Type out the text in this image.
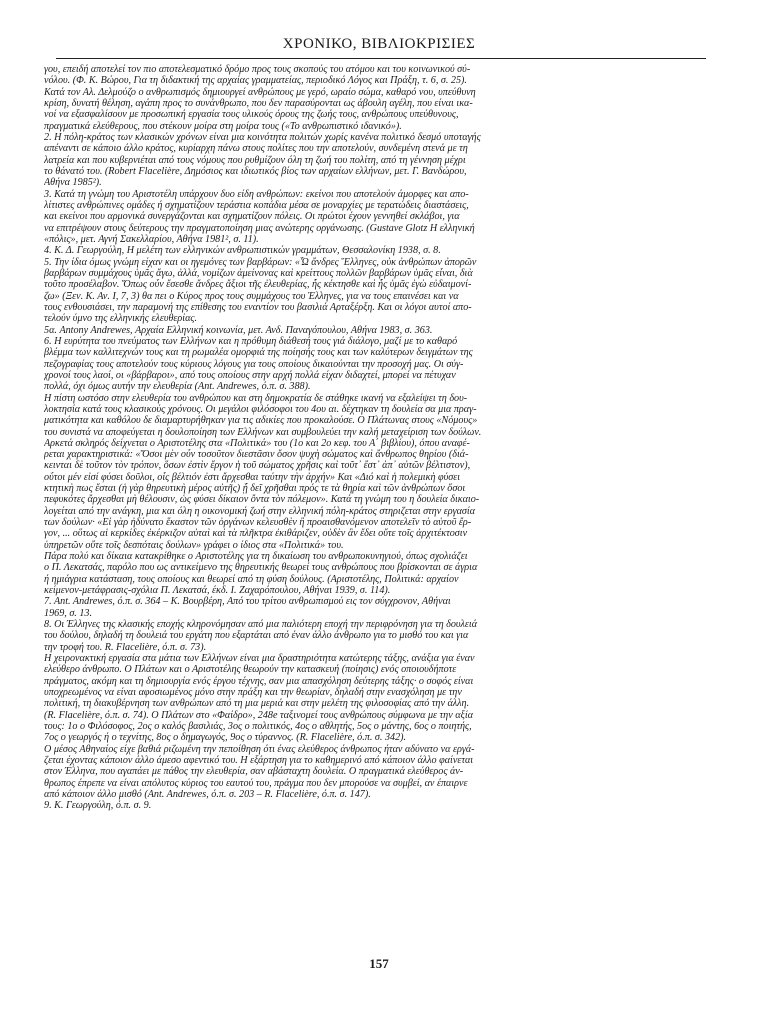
ΧΡΟΝΙΚΟ, ΒΙΒΛΙΟΚΡΙΣΙΕΣ
γου, επειδή αποτελεί τον πιο αποτελεσματικό δρόμο προς τους σκοπούς του ατόμου και του κοινωνικού σύ-
νόλου. (Φ. Κ. Βώρου, Για τη διδακτική της αρχαίας γραμματείας, περιοδικό Λόγος και Πράξη, τ. 6, σ. 25).
Κατά τον Αλ. Δελμούζο ο ανθρωπισμός δημιουργεί ανθρώπους με γερό, ωραίο σώμα, καθαρό νου, υπεύθυνη
κρίση, δυνατή θέληση, αγάπη προς το συνάνθρωπο, που δεν παρασύρονται ως άβουλη αγέλη, που είναι ικα-
νοί να εξασφαλίσουν με προσωπική εργασία τους υλικούς όρους της ζωής τους, ανθρώπους υπεύθυνους,
πραγματικά ελεύθερους, που στέκουν μοίρα στη μοίρα τους («Το ανθρωπιστικό ιδανικό»).
2. Η πόλη-κράτος των κλασικών χρόνων είναι μια κοινότητα πολιτών χωρίς κανένα πολιτικό δεσμό υποταγής
απέναντι σε κάποιο άλλο κράτος, κυρίαρχη πάνω στους πολίτες που την αποτελούν, συνδεμένη στενά με τη
λατρεία και που κυβερνιέται από τους νόμους που ρυθμίζουν όλη τη ζωή του πολίτη, από τη γέννηση μέχρι
το θάνατό του. (Robert Flacelière, Δημόσιος και ιδιωτικός βίος των αρχαίων ελλήνων, μετ. Γ. Βανδώρου,
Αθήνα 1985²).
3. Κατά τη γνώμη του Αριστοτέλη υπάρχουν δυο είδη ανθρώπων: εκείνοι που αποτελούν άμορφες και απο-
λίτιστες ανθρώπινες ομάδες ή σχηματίζουν τεράστια κοπάδια μέσα σε μοναρχίες με τερατώδεις διαστάσεις,
και εκείνοι που αρμονικά συνεργάζονται και σχηματίζουν πόλεις. Οι πρώτοι έχουν γεννηθεί σκλάβοι, για
να επιτρέψουν στους δεύτερους την πραγματοποίηση μιας ανώτερης οργάνωσης. (Gustave Glotz Η ελληνική
«πόλις», μετ. Αγνή Σακελλαρίου, Αθήνα 1981², σ. 11).
4. Κ. Δ. Γεωργούλη, Η μελέτη των ελληνικών ανθρωπιστικών γραμμάτων, Θεσσαλονίκη 1938, σ. 8.
5. Την ίδια όμως γνώμη είχαν και οι ηγεμόνες των βαρβάρων: «Ὦ ἄνδρες Ἕλληνες, οὐκ ἀνθρώπων ἀπορῶν
βαρβάρων συμμάχους ὑμᾶς ἄγω, ἀλλά, νομίζων ἀμείνονας καὶ κρείττους πολλῶν βαρβάρων ὑμᾶς εἶναι, διὰ
τοῦτο προσέλαβον. Ὅπως οὖν ἔσεσθε ἄνδρες ἄξιοι τῆς ἐλευθερίας, ἧς κέκτησθε καὶ ἧς ὑμᾶς ἐγὼ εὐδαιμονί-
ζω» (Ξεν. Κ. Αν. Ι, 7, 3) θα πει ο Κύρος προς τους συμμάχους του Έλληνες, για να τους επαινέσει και να
τους ενθουσιάσει, την παραμονή της επίθεσης του εναντίον του βασιλιά Αρταξέρξη. Και οι λόγοι αυτοί απο-
τελούν ύμνο της ελληνικής ελευθερίας.
5α. Antony Andrewes, Αρχαία Ελληνική κοινωνία, μετ. Ανδ. Παναγόπουλου, Αθήνα 1983, σ. 363.
6. Η ευρύτητα του πνεύματος των Ελλήνων και η πρόθυμη διάθεσή τους γιά διάλογο, μαζί με το καθαρό
βλέμμα των καλλιτεχνών τους και τη ρωμαλέα ομορφιά της ποίησής τους και των καλύτερων δειγμάτων της
πεζογραφίας τους αποτελούν τους κύριους λόγους για τους οποίους δικαιούνται την προσοχή μας. Οι σύγ-
χρονοί τους λαοί, οι «βάρβαροι», από τους οποίους στην αρχή πολλά είχαν διδαχτεί, μπορεί να πέτυχαν
πολλά, όχι όμως αυτήν την ελευθερία (Ant. Andrewes, ό.π. σ. 388).
Η πίστη ωστόσο στην ελευθερία του ανθρώπου και στη δημοκρατία δε στάθηκε ικανή να εξαλείψει τη δου-
λοκτησία κατά τους κλασικούς χρόνους. Οι μεγάλοι φιλόσοφοι του 4ου αι. δέχτηκαν τη δουλεία σα μια πραγ-
ματικότητα και καθόλου δε διαμαρτυρήθηκαν για τις αδικίες που προκαλούσε. Ο Πλάτωνας στους «Νόμους»
του συνιστά να αποφεύγεται η δουλοποίηση των Ελλήνων και συμβουλεύει την καλή μεταχείριση των δούλων.
Αρκετά σκληρός δείχνεται ο Αριστοτέλης στα «Πολιτικά» του (1ο και 2ο κεφ. του Α΄ βιβλίου), όπου αναφέ-
ρεται χαρακτηριστικά: «Ὅσοι μὲν οὖν τοσοῦτον διεστᾶσιν ὅσον ψυχὴ σώματος καὶ ἄνθρωπος θηρίου (διά-
κεινται δὲ τοῦτον τὸν τρόπον, ὅσων ἐστὶν ἔργον ἡ τοῦ σώματος χρῆσις καὶ τοῦτ᾽ ἔστ᾽ ἀπ᾽ αὐτῶν βέλτιστον),
οὗτοι μέν εἰσί φύσει δοῦλοι, οἷς βέλτιόν ἐστι ἄρχεσθαι ταύτην τὴν ἀρχήν» Και «Διό καὶ ἡ πολεμικὴ φύσει
κτητικὴ πως ἔσται (ἡ γὰρ θηρευτικὴ μέρος αὐτῆς) ᾗ δεῖ χρῆσθαι πρός τε τὰ θηρία καὶ τῶν ἀνθρώπων ὅσοι
πεφυκότες ἄρχεσθαι μὴ θέλουσιν, ὡς φύσει δίκαιον ὄντα τὸν πόλεμον». Κατά τη γνώμη του η δουλεία δικαιο-
λογείται από την ανάγκη, μια και όλη η οικονομική ζωή στην ελληνική πόλη-κράτος στηριζεται στην εργασία
των δούλων· «Εἰ γὰρ ἠδύνατο ἕκαστον τῶν ὀργάνων κελευσθὲν ἢ προαισθανόμενον αποτελεῖν τὸ αὑτοῦ ἔρ-
γον, ... οὕτως αἱ κερκίδες ἐκέρκιζον αὐταὶ καὶ τὰ πλῆκτρα ἐκιθάριζεν, οὐδὲν ἂν ἔδει οὔτε τοῖς ἀρχιτέκτοσιν
ὑπηρετῶν οὔτε τοῖς δεσπόταις δούλων» γράφει ο ίδιος στα «Πολιτικά» του.
Πάρα πολύ και δίκαια κατακρίθηκε ο Αριστοτέλης για τη δικαίωση του ανθρωποκυνηγιού, όπως σχολιάζει
ο Π. Λεκατσάς, παρόλο που ως αντικείμενο της θηρευτικής θεωρεί τους ανθρώπους που βρίσκονται σε άγρια
ή ημιάγρια κατάσταση, τους οποίους και θεωρεί από τη φύση δούλους. (Αριστοτέλης, Πολιτικά: αρχαίον
κείμενον-μετάφρασις-σχόλια Π. Λεκατσά, έκδ. Ι. Ζαχαρόπουλου, Αθήναι 1939, σ. 114).
7. Ant. Andrewes, ό.π. σ. 364 – Κ. Βουρβέρη, Από του τρίτου ανθρωπισμού εις τον σύγχρονον, Αθήναι
1969, σ. 13.
8. Οι Έλληνες της κλασικής εποχής κληρονόμησαν από μια παλιότερη εποχή την περιφρόνηση για τη δουλειά
του δούλου, δηλαδή τη δουλειά του εργάτη που εξαρτάται από έναν άλλο άνθρωπο για το μισθό του και για
την τροφή του. R. Flacelière, ό.π. σ. 73).
Η χειρονακτική εργασία στα μάτια των Ελλήνων είναι μια δραστηριότητα κατώτερης τάξης, ανάξια για έναν
ελεύθερο άνθρωπο. Ο Πλάτων και ο Αριστοτέλης θεωρούν την κατασκευή (ποίησις) ενός οποιουδήποτε
πράγματος, ακόμη και τη δημιουργία ενός έργου τέχνης, σαν μια απασχόληση δεύτερης τάξης· ο σοφός είναι
υποχρεωμένος να είναι αφοσιωμένος μόνο στην πράξη και την θεωρίαν, δηλαδή στην ενασχόληση με την
πολιτική, τη διακυβέρνηση των ανθρώπων από τη μια μεριά και στην μελέτη της φιλοσοφίας από την άλλη.
(R. Flacelière, ό.π. σ. 74). Ο Πλάτων στο «Φαίδρο», 248e ταξινομεί τους ανθρώπους σύμφωνα με την αξία
τους: 1ο ο Φιλόσοφος, 2ος ο καλός βασιλιάς, 3ος ο πολιτικός, 4ος ο αθλητής, 5ος ο μάντης, 6ος ο ποιητής,
7ος ο γεωργός ή ο τεχνίτης, 8ος ο δημαγωγός, 9ος ο τύραννος. (R. Flacelière, ό.π. σ. 342).
Ο μέσος Αθηναίος είχε βαθιά ριζωμένη την πεποίθηση ότι ένας ελεύθερος άνθρωπος ήταν αδύνατο να εργά-
ζεται έχοντας κάποιον άλλο άμεσο αφεντικό του. Η εξάρτηση για το καθημερινό από κάποιον άλλο φαίνεται
στον Έλληνα, που αγαπάει με πάθος την ελευθερία, σαν αβάσταχτη δουλεία. Ο πραγματικά ελεύθερος άν-
θρωπος έπρεπε να είναι απόλυτος κύριος του εαυτού του, πράγμα που δεν μπορούσε να συμβεί, αν έπαιρνε
από κάποιον άλλο μισθό (Ant. Andrewes, ό.π. σ. 203 – R. Flacelière, ό.π. σ. 147).
9. Κ. Γεωργούλη, ό.π. σ. 9.
157
